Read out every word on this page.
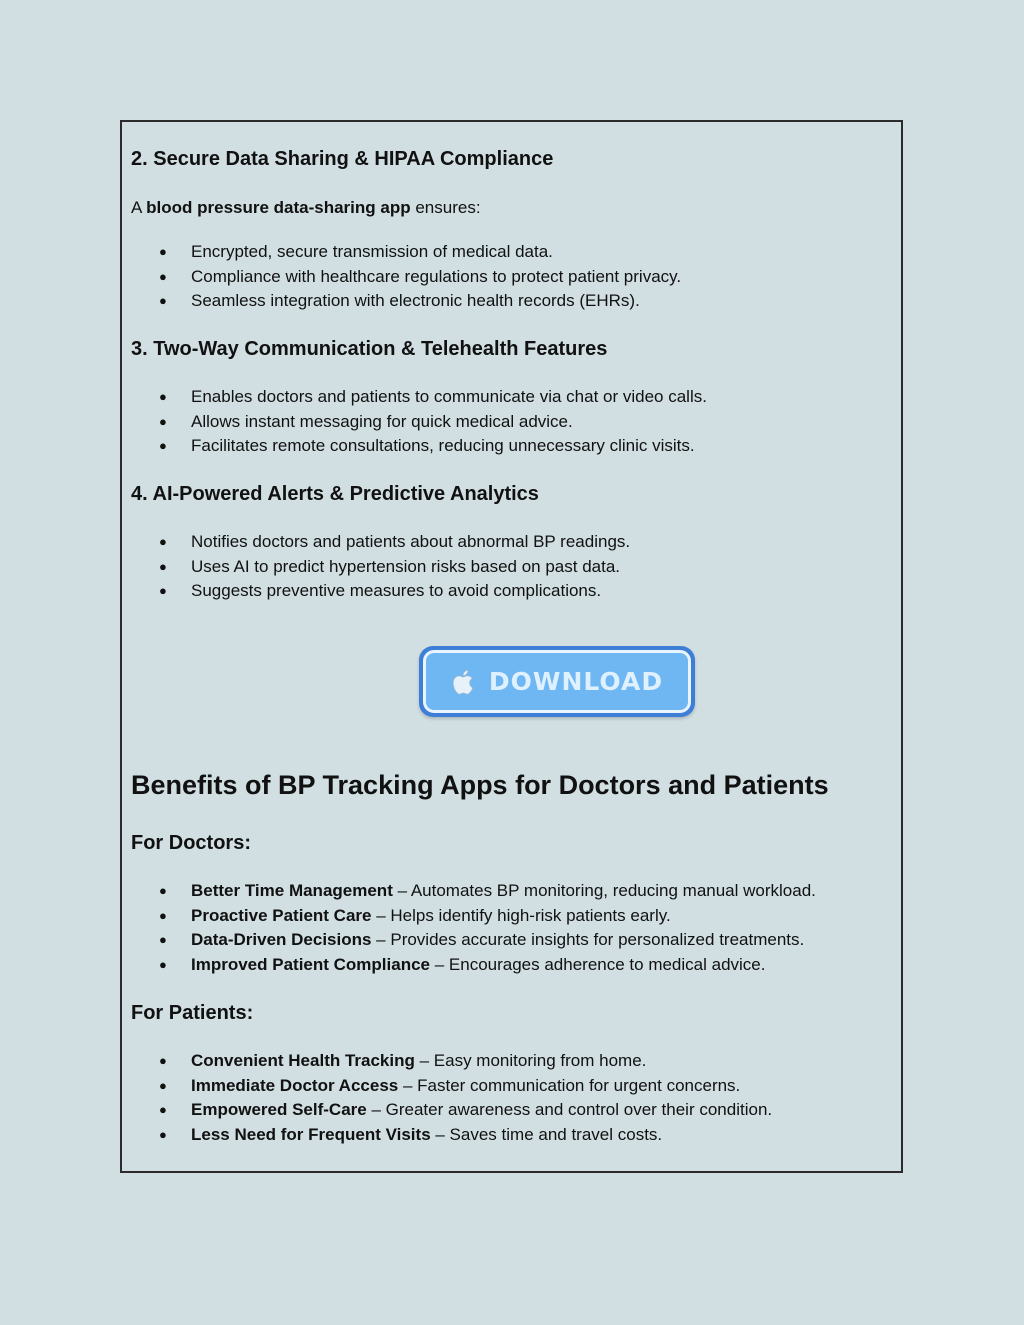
2. Secure Data Sharing & HIPAA Compliance

A blood pressure data-sharing app ensures:

● Encrypted, secure transmission of medical data.
● Compliance with healthcare regulations to protect patient privacy.
● Seamless integration with electronic health records (EHRs).
3. Two-Way Communication & Telehealth Features
● Enables doctors and patients to communicate via chat or video calls.
● Allows instant messaging for quick medical advice.
● Facilitates remote consultations, reducing unnecessary clinic visits.
4. AI-Powered Alerts & Predictive Analytics
● Notifies doctors and patients about abnormal BP readings.
● Uses AI to predict hypertension risks based on past data.
● Suggests preventive measures to avoid complications.
DOWNLOAD
Benefits of BP Tracking Apps for Doctors and Patients
For Doctors:
● Better Time Management – Automates BP monitoring, reducing manual workload.
● Proactive Patient Care – Helps identify high-risk patients early.
● Data-Driven Decisions – Provides accurate insights for personalized treatments.
● Improved Patient Compliance – Encourages adherence to medical advice.
For Patients:
● Convenient Health Tracking – Easy monitoring from home.
● Immediate Doctor Access – Faster communication for urgent concerns.
● Empowered Self-Care – Greater awareness and control over their condition.
● Less Need for Frequent Visits – Saves time and travel costs.
